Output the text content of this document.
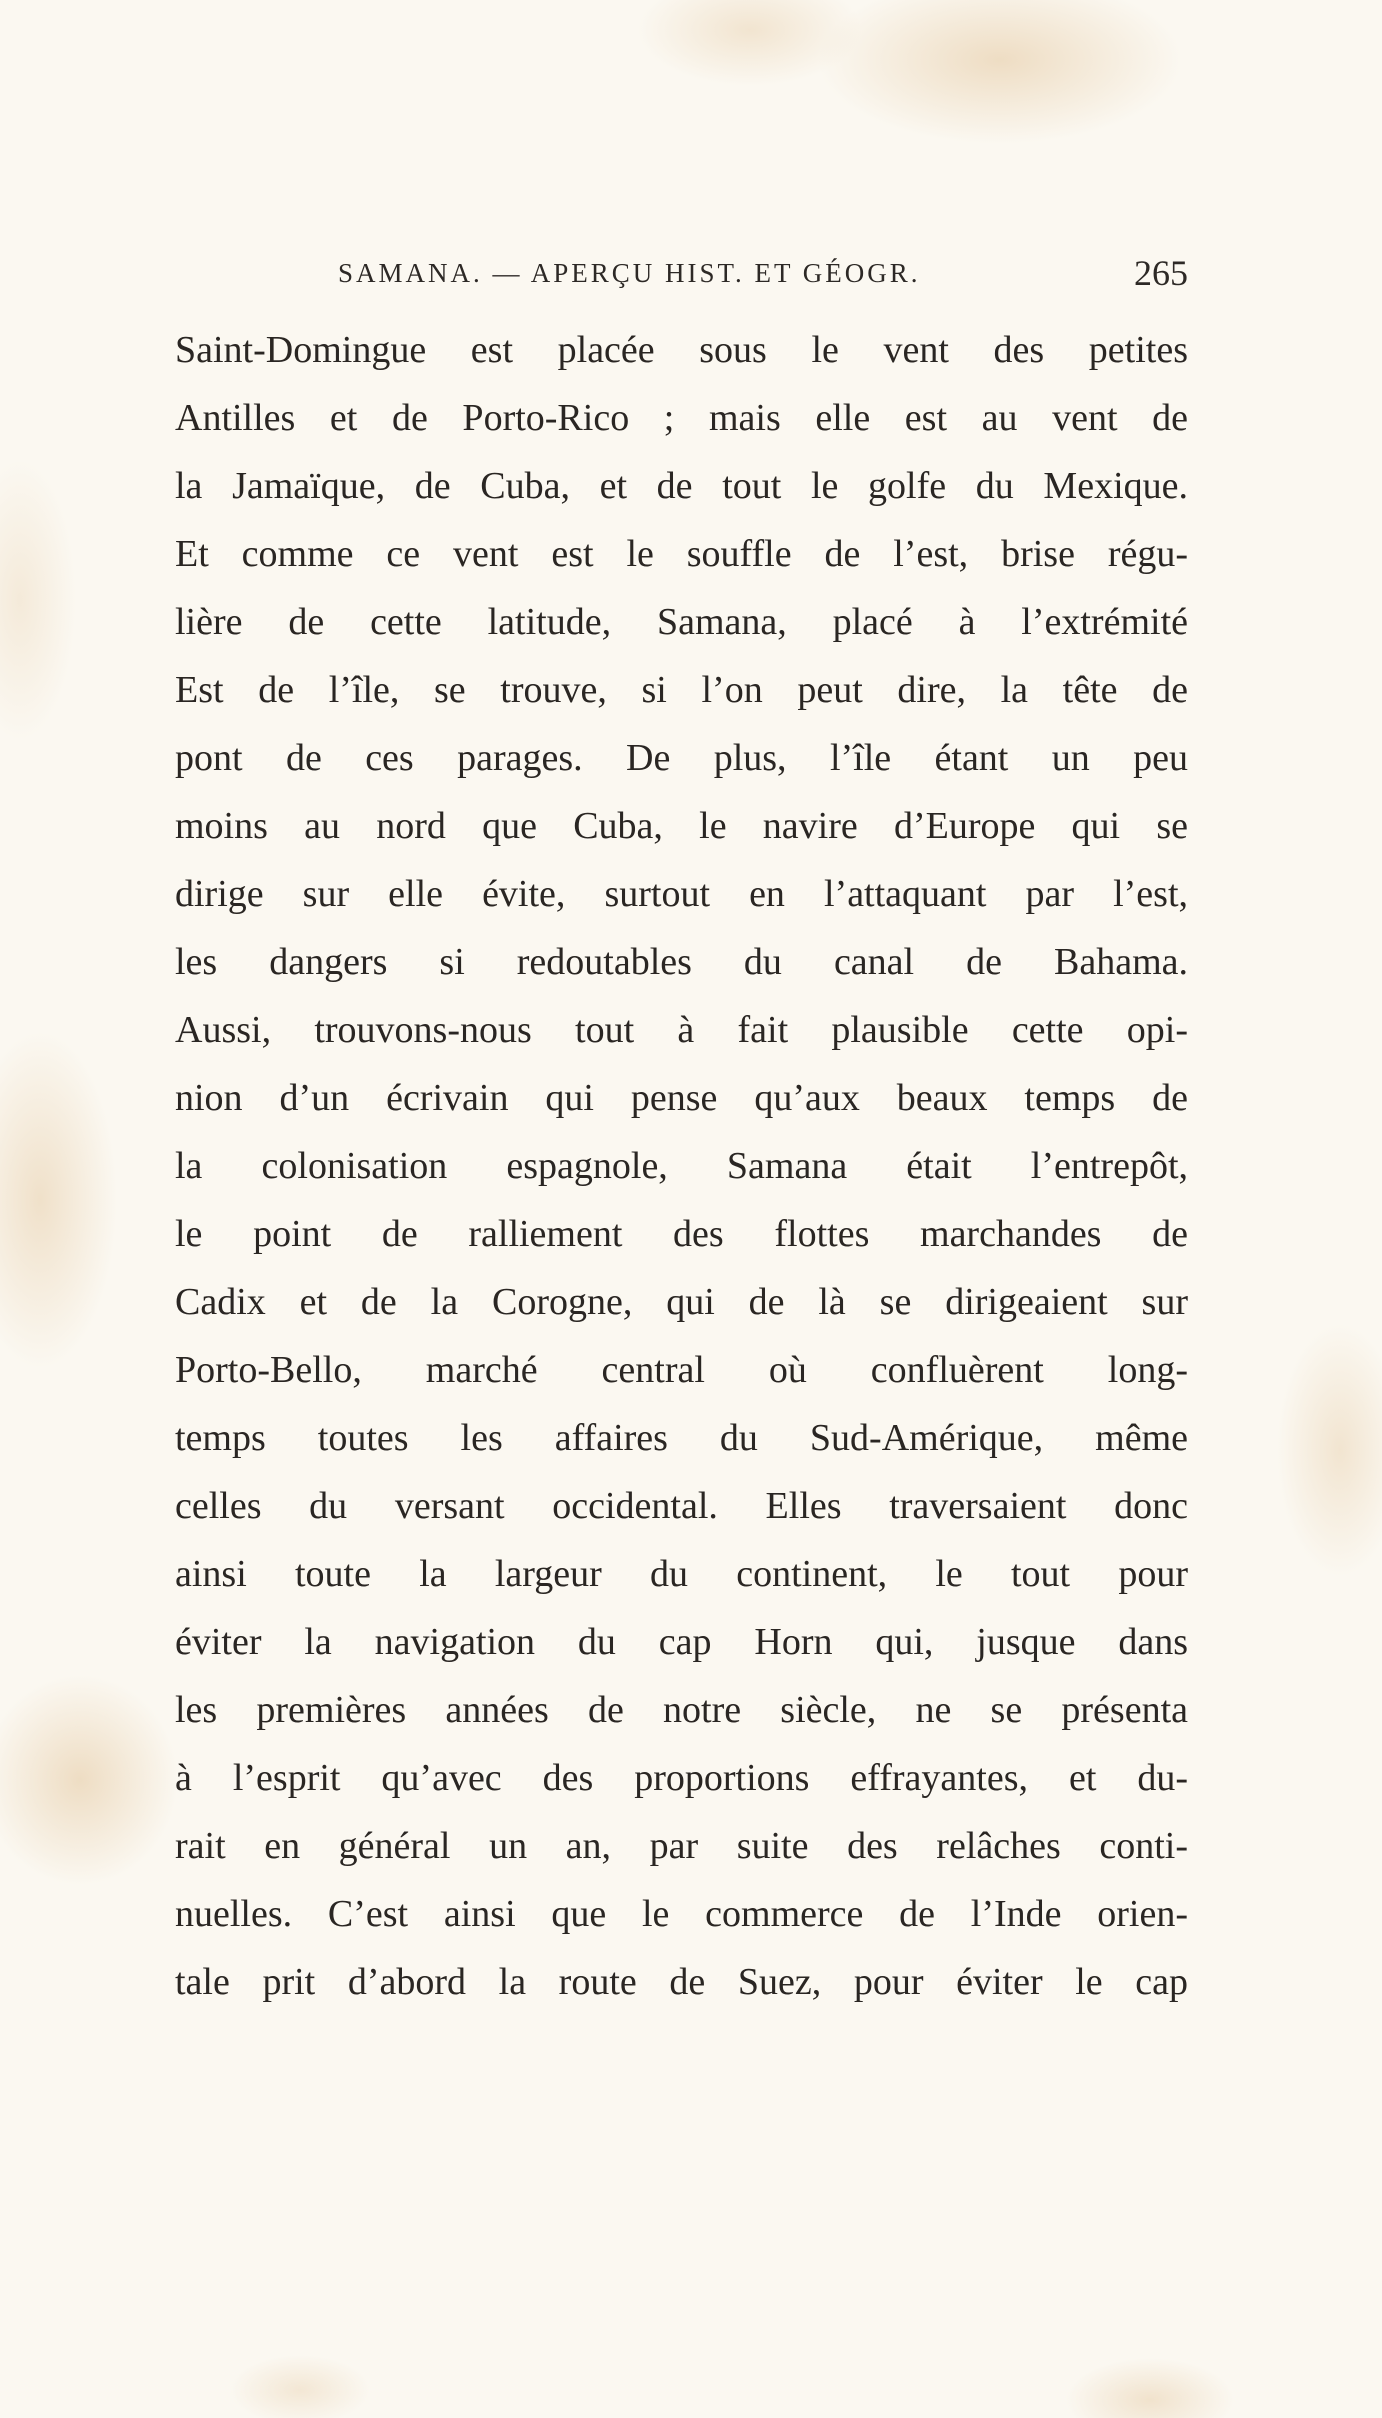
SAMANA. — APERÇU HIST. ET GÉOGR.	265
Saint-Domingue est placée sous le vent des petites
Antilles et de Porto-Rico ; mais elle est au vent de
la Jamaïque, de Cuba, et de tout le golfe du Mexique.
Et comme ce vent est le souffle de l’est, brise régu-
lière de cette latitude, Samana, placé à l’extrémité
Est de l’île, se trouve, si l’on peut dire, la tête de
pont de ces parages. De plus, l’île étant un peu
moins au nord que Cuba, le navire d’Europe qui se
dirige sur elle évite, surtout en l’attaquant par l’est,
les dangers si redoutables du canal de Bahama.
Aussi, trouvons-nous tout à fait plausible cette opi-
nion d’un écrivain qui pense qu’aux beaux temps de
la colonisation espagnole, Samana était l’entrepôt,
le point de ralliement des flottes marchandes de
Cadix et de la Corogne, qui de là se dirigeaient sur
Porto-Bello, marché central où confluèrent long-
temps toutes les affaires du Sud-Amérique, même
celles du versant occidental. Elles traversaient donc
ainsi toute la largeur du continent, le tout pour
éviter la navigation du cap Horn qui, jusque dans
les premières années de notre siècle, ne se présenta
à l’esprit qu’avec des proportions effrayantes, et du-
rait en général un an, par suite des relâches conti-
nuelles. C’est ainsi que le commerce de l’Inde orien-
tale prit d’abord la route de Suez, pour éviter le cap
